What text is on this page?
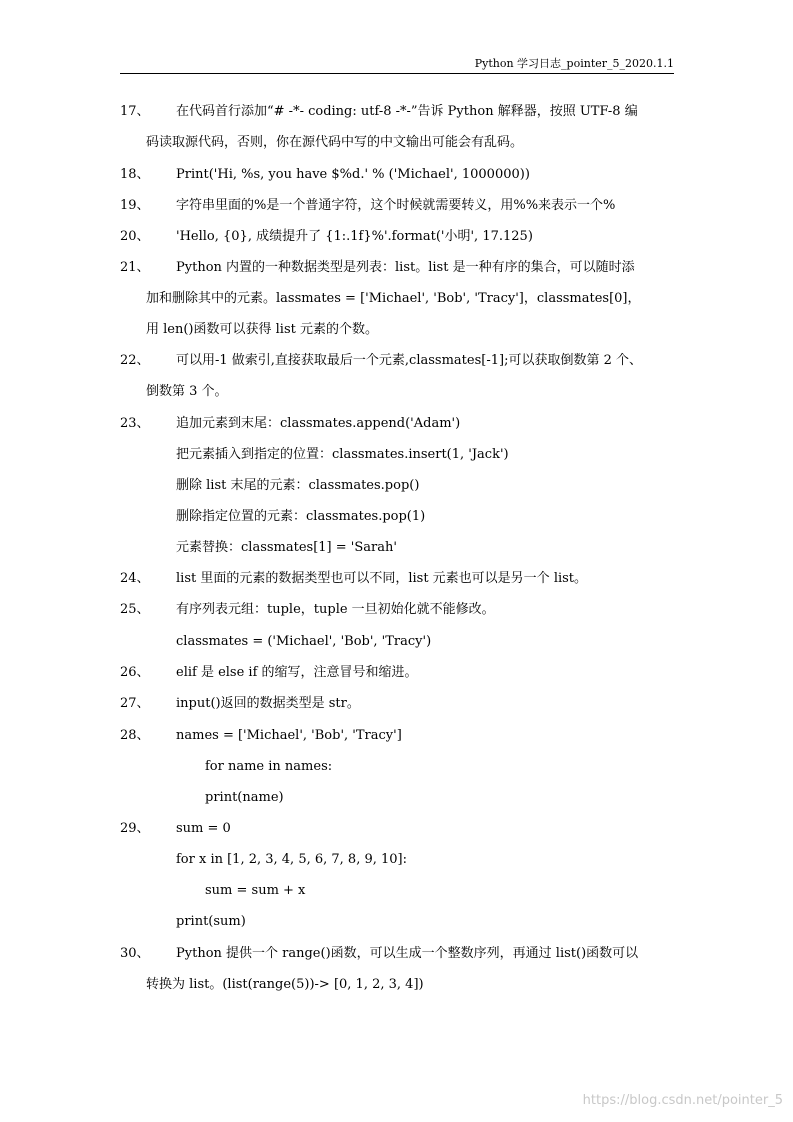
Python 学习日志_pointer_5_2020.1.1
17、 在代码首行添加“# -*- coding: utf-8 -*-”告诉 Python 解释器，按照 UTF-8 编
码读取源代码，否则，你在源代码中写的中文输出可能会有乱码。
18、 Print('Hi, %s, you have $%d.' % ('Michael', 1000000))
19、 字符串里面的%是一个普通字符，这个时候就需要转义，用%%来表示一个%
20、 'Hello, {0}, 成绩提升了 {1:.1f}%'.format('小明', 17.125)
21、 Python 内置的一种数据类型是列表：list。list 是一种有序的集合，可以随时添
加和删除其中的元素。lassmates = ['Michael', 'Bob', 'Tracy']，classmates[0]，
用 len()函数可以获得 list 元素的个数。
22、 可以用-1 做索引,直接获取最后一个元素,classmates[-1];可以获取倒数第 2 个、
倒数第 3 个。
23、 追加元素到末尾：classmates.append('Adam')
把元素插入到指定的位置：classmates.insert(1, 'Jack')
删除 list 末尾的元素：classmates.pop()
删除指定位置的元素：classmates.pop(1)
元素替换：classmates[1] = 'Sarah'
24、 list 里面的元素的数据类型也可以不同，list 元素也可以是另一个 list。
25、 有序列表元组：tuple，tuple 一旦初始化就不能修改。
classmates = ('Michael', 'Bob', 'Tracy')
26、 elif 是 else if 的缩写，注意冒号和缩进。
27、 input()返回的数据类型是 str。
28、 names = ['Michael', 'Bob', 'Tracy']
for name in names:
print(name)
29、 sum = 0
for x in [1, 2, 3, 4, 5, 6, 7, 8, 9, 10]:
sum = sum + x
print(sum)
30、 Python 提供一个 range()函数，可以生成一个整数序列，再通过 list()函数可以
转换为 list。(list(range(5))-> [0, 1, 2, 3, 4])
https://blog.csdn.net/pointer_5
